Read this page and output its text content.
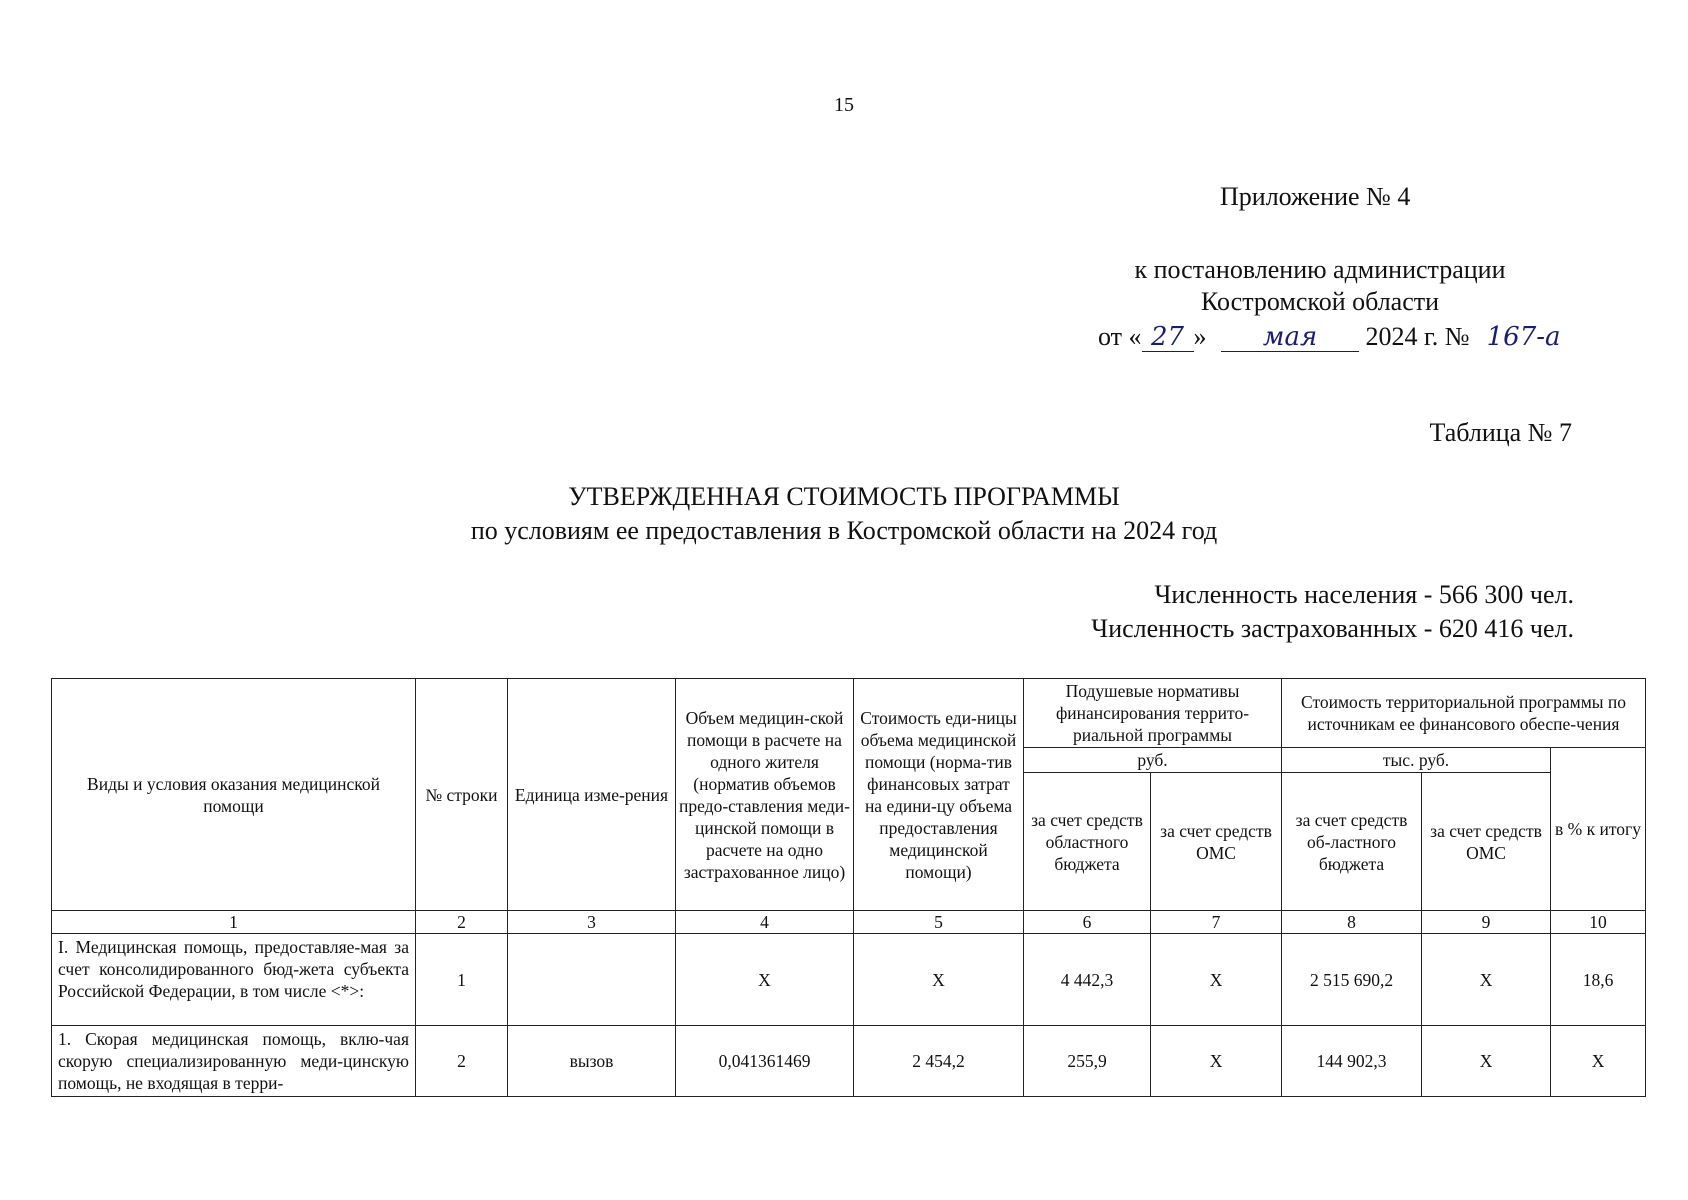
15
Приложение № 4
к постановлению администрации
Костромской области
от « 27 » мая 2024 г. № 167-а
Таблица № 7
УТВЕРЖДЕННАЯ СТОИМОСТЬ ПРОГРАММЫ
по условиям ее предоставления в Костромской области на 2024 год
Численность населения - 566 300 чел.
Численность застрахованных - 620 416 чел.
Виды и условия оказания медицинской помощи	№ строки	Единица изме-рения	Объем медицин-ской помощи в расчете на одного жителя (норматив объемов предо-ставления меди-цинской помощи в расчете на одно застрахованное лицо)	Стоимость еди-ницы объема медицинской помощи (норма-тив финансовых затрат на едини-цу объема предоставления медицинской помощи)	Подушевые нормативы финансирования террито-риальной программы		Стоимость территориальной программы по источникам ее финансового обеспе-чения		
					руб.		тыс. руб.		в % к итогу
					за счет средств областного бюджета	за счет средств ОМС	за счет средств об-ластного бюджета	за счет средств ОМС	
1	2	3	4	5	6	7	8	9	10
I. Медицинская помощь, предоставляе-мая за счет консолидированного бюд-жета субъекта Российской Федерации, в том числе <*>:	1		X	X	4 442,3	X	2 515 690,2	X	18,6
1. Скорая медицинская помощь, вклю-чая скорую специализированную меди-цинскую помощь, не входящая в терри-	2	вызов	0,041361469	2 454,2	255,9	X	144 902,3	X	X
